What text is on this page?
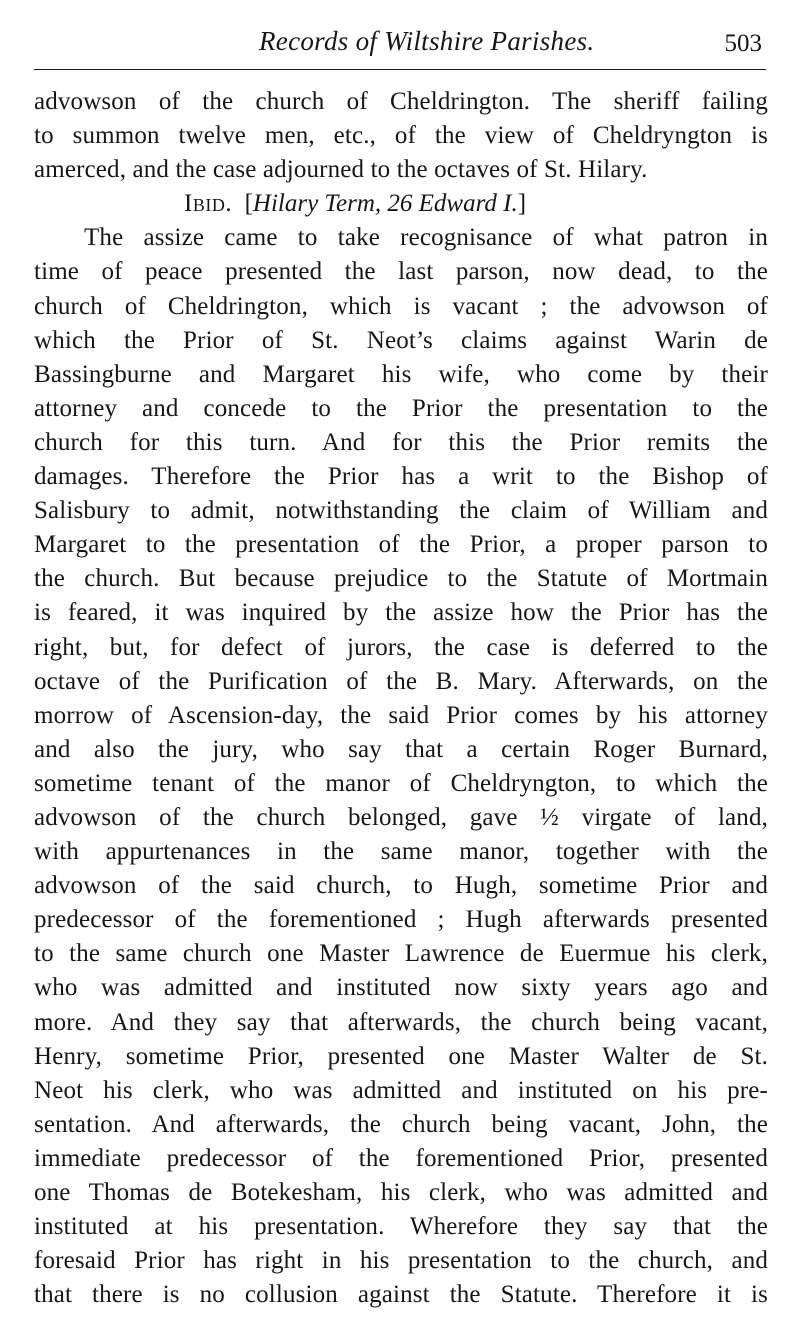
Records of Wiltshire Parishes.	503
advowson of the church of Cheldrington. The sheriff failing
to summon twelve men, etc., of the view of Cheldryngton is
amerced, and the case adjourned to the octaves of St. Hilary.
Ibid. [Hilary Term, 26 Edward I.]
The assize came to take recognisance of what patron in
time of peace presented the last parson, now dead, to the
church of Cheldrington, which is vacant ; the advowson of
which the Prior of St. Neot’s claims against Warin de
Bassingburne and Margaret his wife, who come by their
attorney and concede to the Prior the presentation to the
church for this turn. And for this the Prior remits the
damages. Therefore the Prior has a writ to the Bishop of
Salisbury to admit, notwithstanding the claim of William and
Margaret to the presentation of the Prior, a proper parson to
the church. But because prejudice to the Statute of Mortmain
is feared, it was inquired by the assize how the Prior has the
right, but, for defect of jurors, the case is deferred to the
octave of the Purification of the B. Mary. Afterwards, on the
morrow of Ascension-day, the said Prior comes by his attorney
and also the jury, who say that a certain Roger Burnard,
sometime tenant of the manor of Cheldryngton, to which the
advowson of the church belonged, gave ½ virgate of land,
with appurtenances in the same manor, together with the
advowson of the said church, to Hugh, sometime Prior and
predecessor of the forementioned ; Hugh afterwards presented
to the same church one Master Lawrence de Euermue his clerk,
who was admitted and instituted now sixty years ago and
more. And they say that afterwards, the church being vacant,
Henry, sometime Prior, presented one Master Walter de St.
Neot his clerk, who was admitted and instituted on his pre-
sentation. And afterwards, the church being vacant, John, the
immediate predecessor of the forementioned Prior, presented
one Thomas de Botekesham, his clerk, who was admitted and
instituted at his presentation. Wherefore they say that the
foresaid Prior has right in his presentation to the church, and
that there is no collusion against the Statute. Therefore it is
